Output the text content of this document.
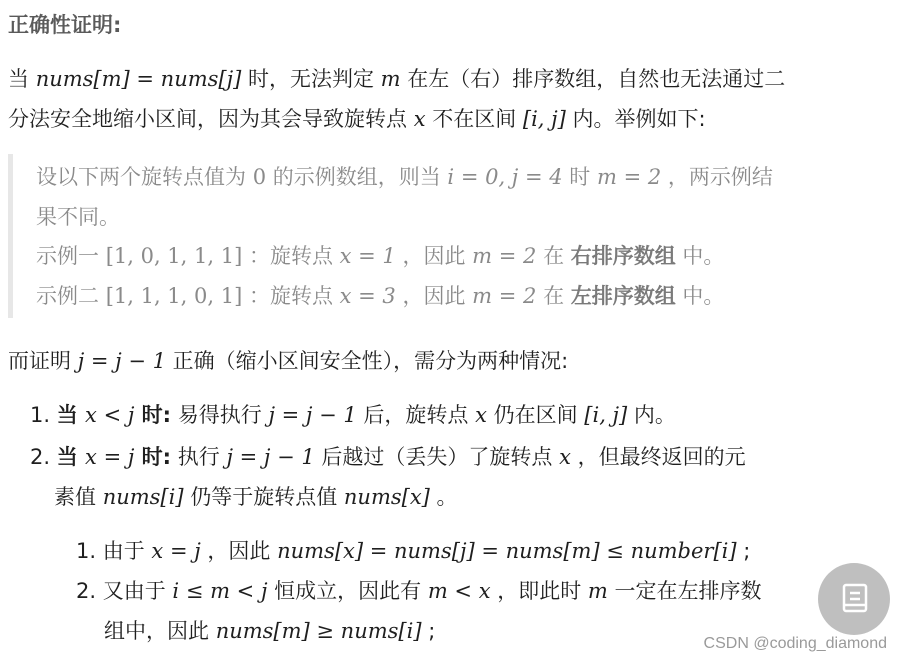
正确性证明:
当 nums[m] = nums[j] 时，无法判定 m 在左（右）排序数组，自然也无法通过二
分法安全地缩小区间，因为其会导致旋转点 x 不在区间 [i, j] 内。举例如下:
设以下两个旋转点值为 0 的示例数组，则当 i = 0, j = 4 时 m = 2 ，两示例结
果不同。
示例一 [1, 0, 1, 1, 1] ：旋转点 x = 1 ，因此 m = 2 在 右排序数组 中。
示例二 [1, 1, 1, 0, 1] ：旋转点 x = 3 ，因此 m = 2 在 左排序数组 中。
而证明 j = j − 1 正确（缩小区间安全性），需分为两种情况:
1. 当 x < j 时: 易得执行 j = j − 1 后，旋转点 x 仍在区间 [i, j] 内。
2. 当 x = j 时: 执行 j = j − 1 后越过（丢失）了旋转点 x ，但最终返回的元
素值 nums[i] 仍等于旋转点值 nums[x] 。
1. 由于 x = j ，因此 nums[x] = nums[j] = nums[m] ≤ number[i] ;
2. 又由于 i ≤ m < j 恒成立，因此有 m < x ，即此时 m 一定在左排序数
组中，因此 nums[m] ≥ nums[i] ;
CSDN @coding_diamond
